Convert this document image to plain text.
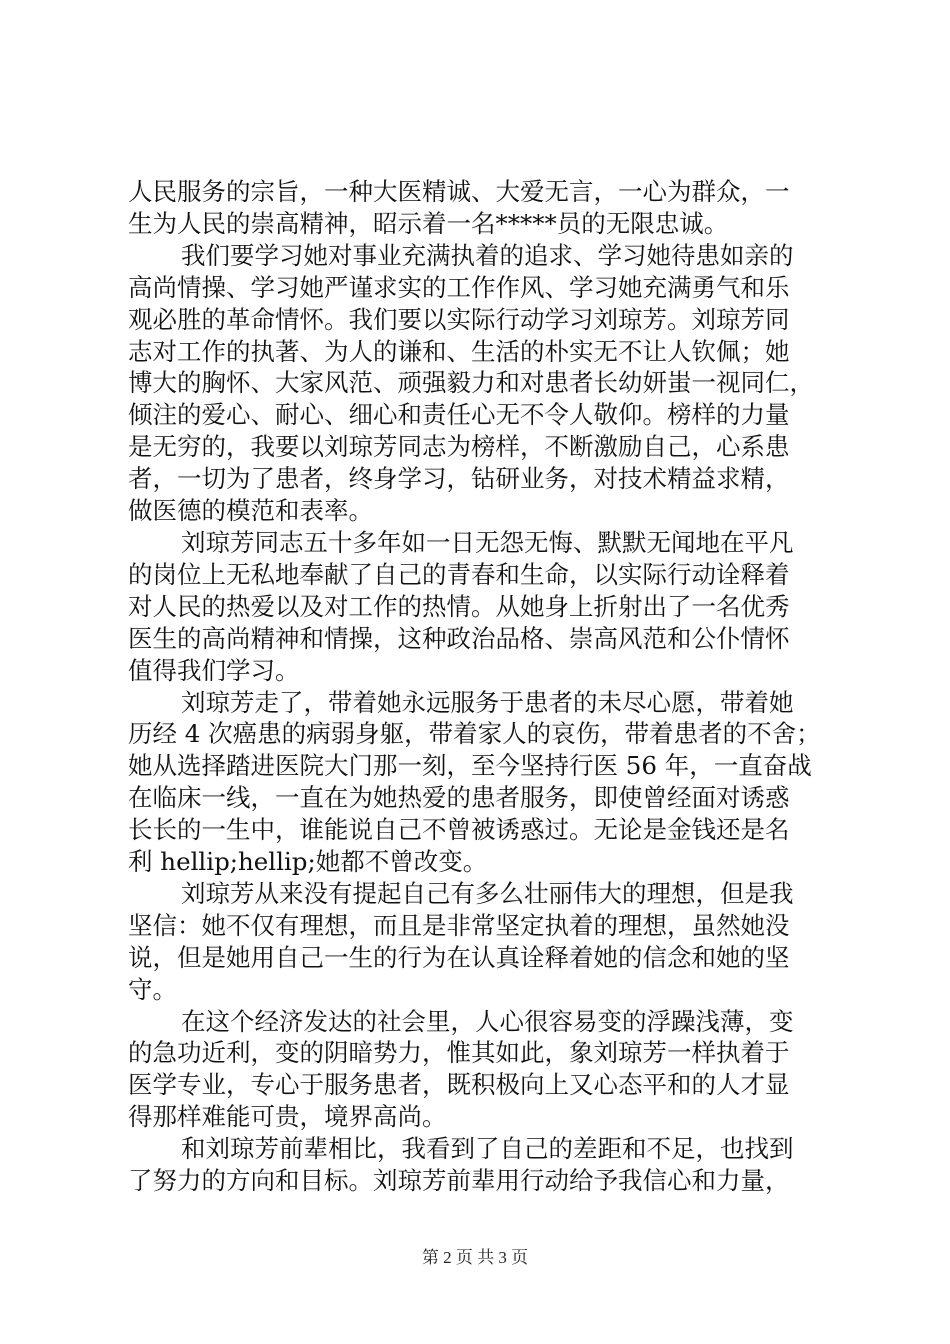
人民服务的宗旨，一种大医精诚、大爱无言，一心为群众，一
生为人民的崇高精神，昭示着一名*****员的无限忠诚。
我们要学习她对事业充满执着的追求、学习她待患如亲的
高尚情操、学习她严谨求实的工作作风、学习她充满勇气和乐
观必胜的革命情怀。我们要以实际行动学习刘琼芳。刘琼芳同
志对工作的执著、为人的谦和、生活的朴实无不让人钦佩；她
博大的胸怀、大家风范、顽强毅力和对患者长幼妍蚩一视同仁，
倾注的爱心、耐心、细心和责任心无不令人敬仰。榜样的力量
是无穷的，我要以刘琼芳同志为榜样，不断激励自己，心系患
者，一切为了患者，终身学习，钻研业务，对技术精益求精，
做医德的模范和表率。
刘琼芳同志五十多年如一日无怨无悔、默默无闻地在平凡
的岗位上无私地奉献了自己的青春和生命，以实际行动诠释着
对人民的热爱以及对工作的热情。从她身上折射出了一名优秀
医生的高尚精神和情操，这种政治品格、崇高风范和公仆情怀
值得我们学习。
刘琼芳走了，带着她永远服务于患者的未尽心愿，带着她
历经 4 次癌患的病弱身躯，带着家人的哀伤，带着患者的不舍；
她从选择踏进医院大门那一刻，至今坚持行医 56 年，一直奋战
在临床一线，一直在为她热爱的患者服务，即使曾经面对诱惑
长长的一生中，谁能说自己不曾被诱惑过。无论是金钱还是名
利 hellip;hellip;她都不曾改变。
刘琼芳从来没有提起自己有多么壮丽伟大的理想，但是我
坚信：她不仅有理想，而且是非常坚定执着的理想，虽然她没
说，但是她用自己一生的行为在认真诠释着她的信念和她的坚
守。
在这个经济发达的社会里，人心很容易变的浮躁浅薄，变
的急功近利，变的阴暗势力，惟其如此，象刘琼芳一样执着于
医学专业，专心于服务患者，既积极向上又心态平和的人才显
得那样难能可贵，境界高尚。
和刘琼芳前辈相比，我看到了自己的差距和不足，也找到
了努力的方向和目标。刘琼芳前辈用行动给予我信心和力量，
第 2 页 共 3 页
